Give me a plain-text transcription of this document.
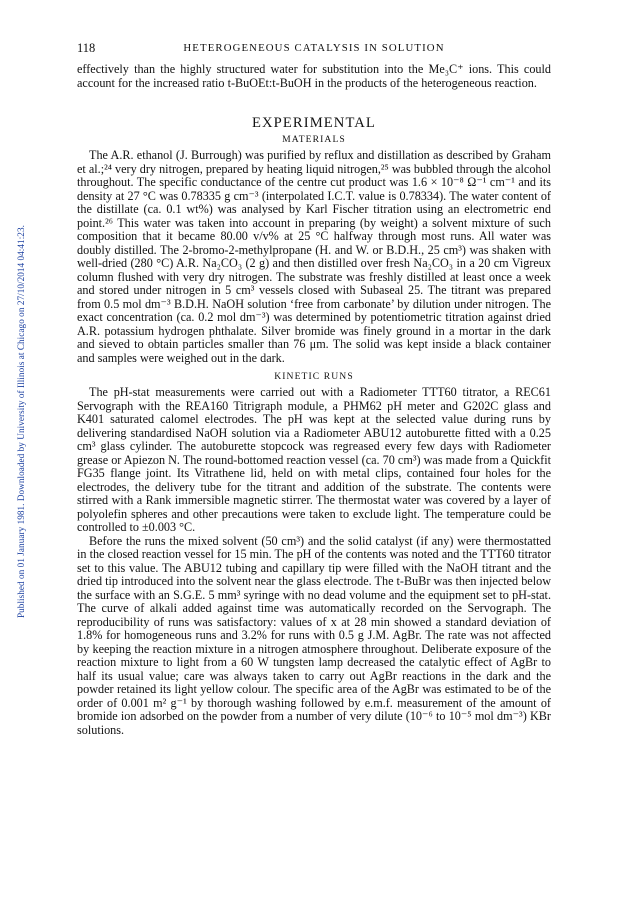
Published on 01 January 1981. Downloaded by University of Illinois at Chicago on 27/10/2014 04:41:23.
118	HETEROGENEOUS CATALYSIS IN SOLUTION

effectively than the highly structured water for substitution into the Me₃C⁺ ions. This could account for the increased ratio t-BuOEt:t-BuOH in the products of the heterogeneous reaction.

EXPERIMENTAL
MATERIALS

The A.R. ethanol (J. Burrough) was purified by reflux and distillation as described by Graham et al.;²⁴ very dry nitrogen, prepared by heating liquid nitrogen,²⁵ was bubbled through the alcohol throughout. The specific conductance of the centre cut product was 1.6 × 10⁻⁸ Ω⁻¹ cm⁻¹ and its density at 27 °C was 0.78335 g cm⁻³ (interpolated I.C.T. value is 0.78334). The water content of the distillate (ca. 0.1 wt%) was analysed by Karl Fischer titration using an electrometric end point.²⁶ This water was taken into account in preparing (by weight) a solvent mixture of such composition that it became 80.00 v/v% at 25 °C halfway through most runs. All water was doubly distilled. The 2-bromo-2-methylpropane (H. and W. or B.D.H., 25 cm³) was shaken with well-dried (280 °C) A.R. Na₂CO₃ (2 g) and then distilled over fresh Na₂CO₃ in a 20 cm Vigreux column flushed with very dry nitrogen. The substrate was freshly distilled at least once a week and stored under nitrogen in 5 cm³ vessels closed with Subaseal 25. The titrant was prepared from 0.5 mol dm⁻³ B.D.H. NaOH solution ‘free from carbonate’ by dilution under nitrogen. The exact concentration (ca. 0.2 mol dm⁻³) was determined by potentiometric titration against dried A.R. potassium hydrogen phthalate. Silver bromide was finely ground in a mortar in the dark and sieved to obtain particles smaller than 76 μm. The solid was kept inside a black container and samples were weighed out in the dark.

KINETIC RUNS

The pH-stat measurements were carried out with a Radiometer TTT60 titrator, a REC61 Servograph with the REA160 Titrigraph module, a PHM62 pH meter and G202C glass and K401 saturated calomel electrodes. The pH was kept at the selected value during runs by delivering standardised NaOH solution via a Radiometer ABU12 autoburette fitted with a 0.25 cm³ glass cylinder. The autoburette stopcock was regreased every few days with Radiometer grease or Apiezon N. The round-bottomed reaction vessel (ca. 70 cm³) was made from a Quickfit FG35 flange joint. Its Vitrathene lid, held on with metal clips, contained four holes for the electrodes, the delivery tube for the titrant and addition of the substrate. The contents were stirred with a Rank immersible magnetic stirrer. The thermostat water was covered by a layer of polyolefin spheres and other precautions were taken to exclude light. The temperature could be controlled to ±0.003 °C.

Before the runs the mixed solvent (50 cm³) and the solid catalyst (if any) were thermostatted in the closed reaction vessel for 15 min. The pH of the contents was noted and the TTT60 titrator set to this value. The ABU12 tubing and capillary tip were filled with the NaOH titrant and the dried tip introduced into the solvent near the glass electrode. The t-BuBr was then injected below the surface with an S.G.E. 5 mm³ syringe with no dead volume and the equipment set to pH-stat. The curve of alkali added against time was automatically recorded on the Servograph. The reproducibility of runs was satisfactory: values of x at 28 min showed a standard deviation of 1.8% for homogeneous runs and 3.2% for runs with 0.5 g J.M. AgBr. The rate was not affected by keeping the reaction mixture in a nitrogen atmosphere throughout. Deliberate exposure of the reaction mixture to light from a 60 W tungsten lamp decreased the catalytic effect of AgBr to half its usual value; care was always taken to carry out AgBr reactions in the dark and the powder retained its light yellow colour. The specific area of the AgBr was estimated to be of the order of 0.001 m² g⁻¹ by thorough washing followed by e.m.f. measurement of the amount of bromide ion adsorbed on the powder from a number of very dilute (10⁻⁶ to 10⁻⁵ mol dm⁻³) KBr solutions.
